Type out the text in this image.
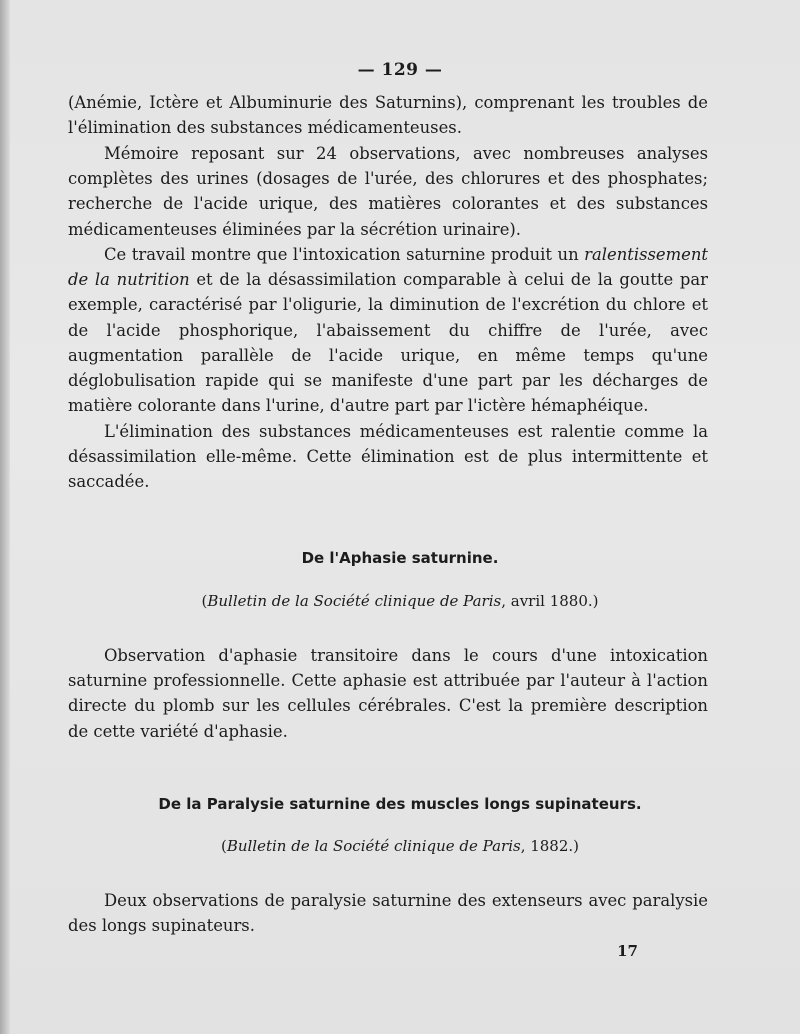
— 129 —

(Anémie, Ictère et Albuminurie des Saturnins), comprenant les troubles de l'élimination des substances médicamenteuses.

Mémoire reposant sur 24 observations, avec nombreuses analyses complètes des urines (dosages de l'urée, des chlorures et des phosphates; recherche de l'acide urique, des matières colorantes et des substances médicamenteuses éliminées par la sécrétion urinaire).

Ce travail montre que l'intoxication saturnine produit un ralentissement de la nutrition et de la désassimilation comparable à celui de la goutte par exemple, caractérisé par l'oligurie, la diminution de l'excrétion du chlore et de l'acide phosphorique, l'abaissement du chiffre de l'urée, avec augmentation parallèle de l'acide urique, en même temps qu'une déglobulisation rapide qui se manifeste d'une part par les décharges de matière colorante dans l'urine, d'autre part par l'ictère hémaphéique.

L'élimination des substances médicamenteuses est ralentie comme la désassimilation elle-même. Cette élimination est de plus intermittente et saccadée.

De l'Aphasie saturnine.

(Bulletin de la Société clinique de Paris, avril 1880.)

Observation d'aphasie transitoire dans le cours d'une intoxication saturnine professionnelle. Cette aphasie est attribuée par l'auteur à l'action directe du plomb sur les cellules cérébrales. C'est la première description de cette variété d'aphasie.

De la Paralysie saturnine des muscles longs supinateurs.

(Bulletin de la Société clinique de Paris, 1882.)

Deux observations de paralysie saturnine des extenseurs avec paralysie des longs supinateurs.

17
